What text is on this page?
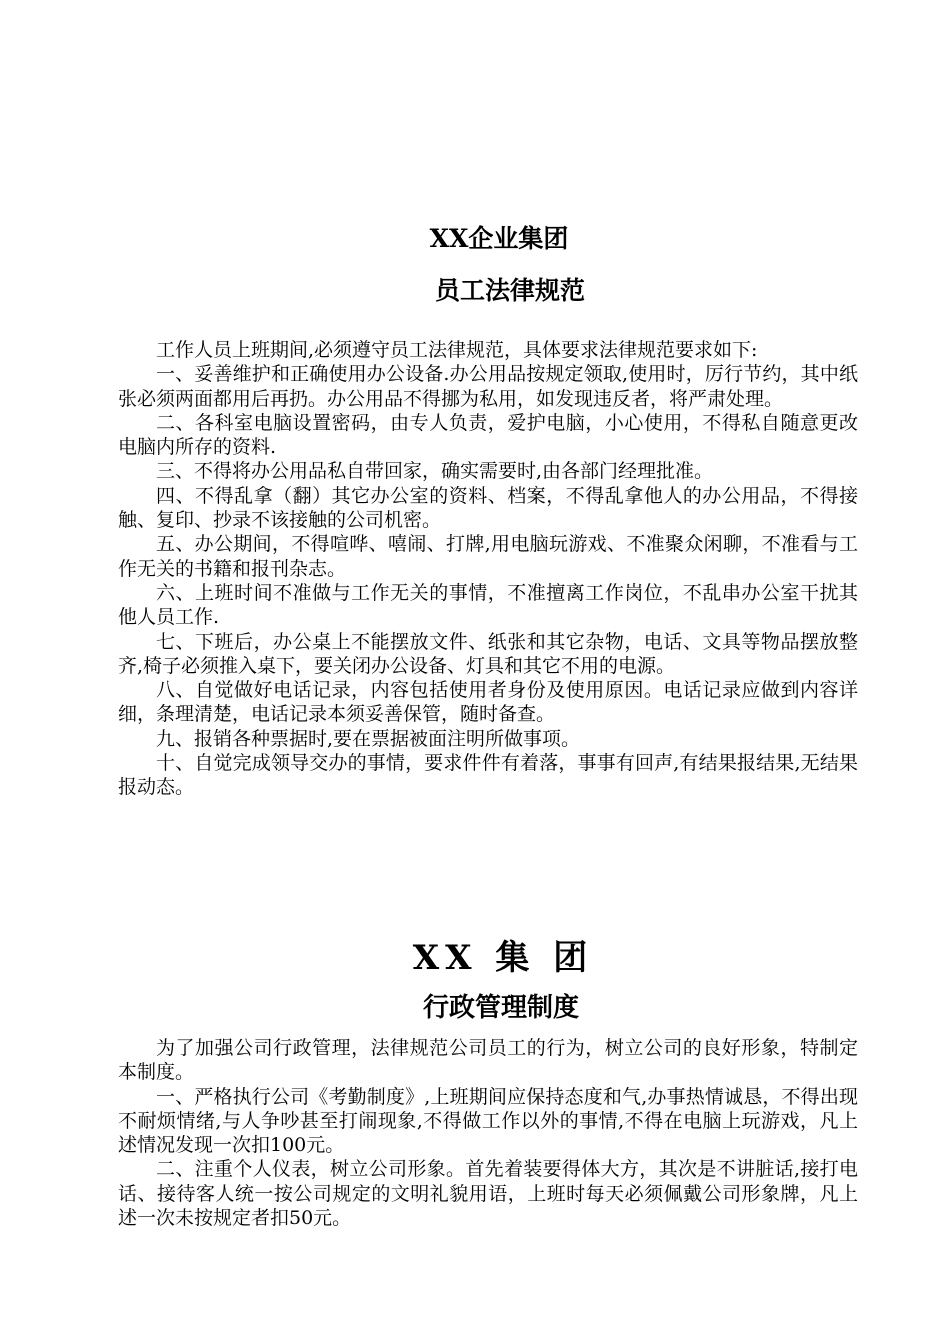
XX企业集团
员工法律规范

工作人员上班期间,必须遵守员工法律规范，具体要求法律规范要求如下:

一、妥善维护和正确使用办公设备.办公用品按规定领取,使用时，厉行节约，其中纸张必须两面都用后再扔。办公用品不得挪为私用，如发现违反者，将严肃处理。

二、各科室电脑设置密码，由专人负责，爱护电脑，小心使用，不得私自随意更改电脑内所存的资料.

三、不得将办公用品私自带回家，确实需要时,由各部门经理批准。

四、不得乱拿（翻）其它办公室的资料、档案，不得乱拿他人的办公用品，不得接触、复印、抄录不该接触的公司机密。

五、办公期间，不得喧哗、嘻闹、打牌,用电脑玩游戏、不准聚众闲聊，不准看与工作无关的书籍和报刊杂志。

六、上班时间不准做与工作无关的事情，不准擅离工作岗位，不乱串办公室干扰其他人员工作.

七、下班后，办公桌上不能摆放文件、纸张和其它杂物，电话、文具等物品摆放整齐,椅子必须推入桌下，要关闭办公设备、灯具和其它不用的电源。

八、自觉做好电话记录，内容包括使用者身份及使用原因。电话记录应做到内容详细，条理清楚，电话记录本须妥善保管，随时备查。

九、报销各种票据时,要在票据被面注明所做事项。

十、自觉完成领导交办的事情，要求件件有着落，事事有回声,有结果报结果,无结果报动态。

XX 集 团
行政管理制度

为了加强公司行政管理，法律规范公司员工的行为，树立公司的良好形象，特制定本制度。

一、严格执行公司《考勤制度》,上班期间应保持态度和气,办事热情诚恳，不得出现不耐烦情绪,与人争吵甚至打闹现象,不得做工作以外的事情,不得在电脑上玩游戏，凡上述情况发现一次扣100元。

二、注重个人仪表，树立公司形象。首先着装要得体大方，其次是不讲脏话,接打电话、接待客人统一按公司规定的文明礼貌用语，上班时每天必须佩戴公司形象牌，凡上述一次未按规定者扣50元。
